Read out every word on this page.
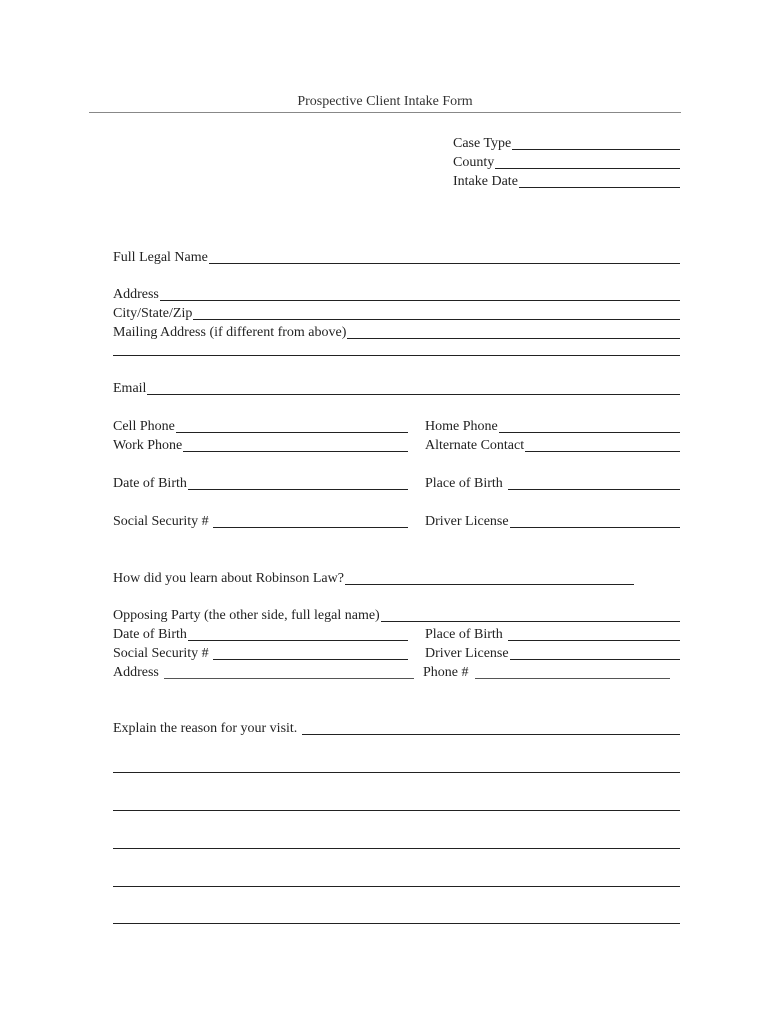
Prospective Client Intake Form
Case Type
County
Intake Date
Full Legal Name
Address
City/State/Zip
Mailing Address (if different from above)
Email
Cell Phone	Home Phone
Work Phone	Alternate Contact
Date of Birth	Place of Birth
Social Security #	Driver License
How did you learn about Robinson Law?
Opposing Party (the other side, full legal name)
Date of Birth	Place of Birth
Social Security #	Driver License
Address	Phone #
Explain the reason for your visit.
